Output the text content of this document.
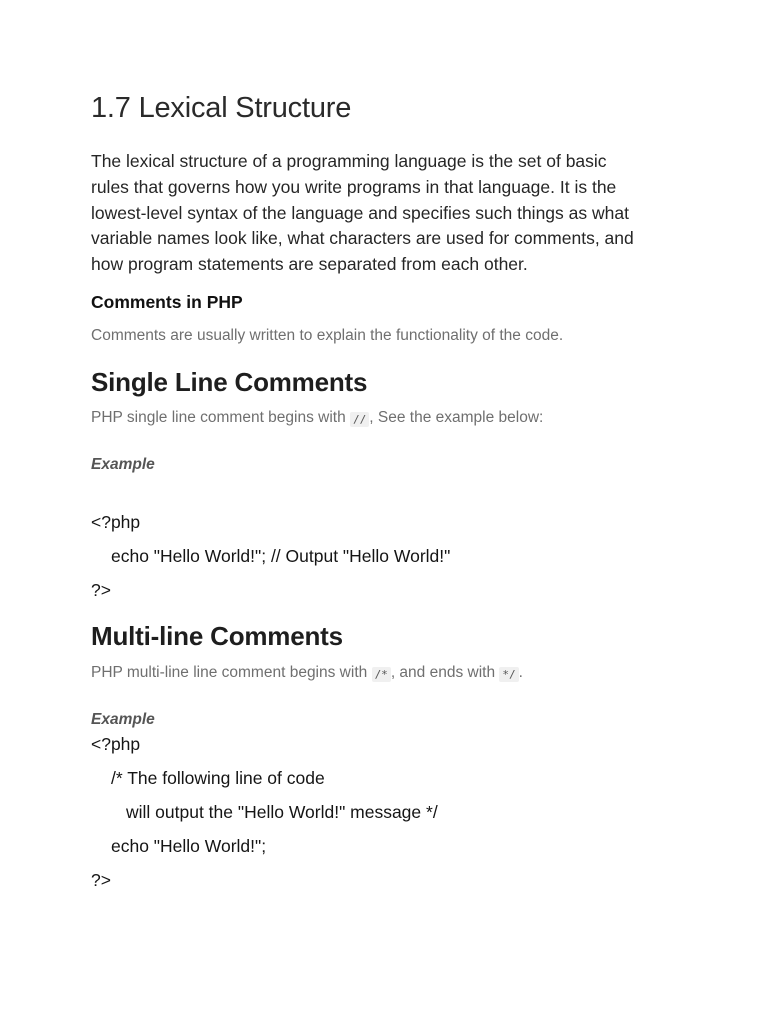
1.7 Lexical Structure
The lexical structure of a programming language is the set of basic
rules that governs how you write programs in that language. It is the
lowest-level syntax of the language and specifies such things as what
variable names look like, what characters are used for comments, and
how program statements are separated from each other.
Comments in PHP
Comments are usually written to explain the functionality of the code.
Single Line Comments
PHP single line comment begins with // , See the example below:
Example
<?php
echo "Hello World!"; // Output "Hello World!"
?>
Multi-line Comments
PHP multi-line line comment begins with /* , and ends with */ .
Example
<?php
/* The following line of code
will output the "Hello World!" message */
echo "Hello World!";
?>
